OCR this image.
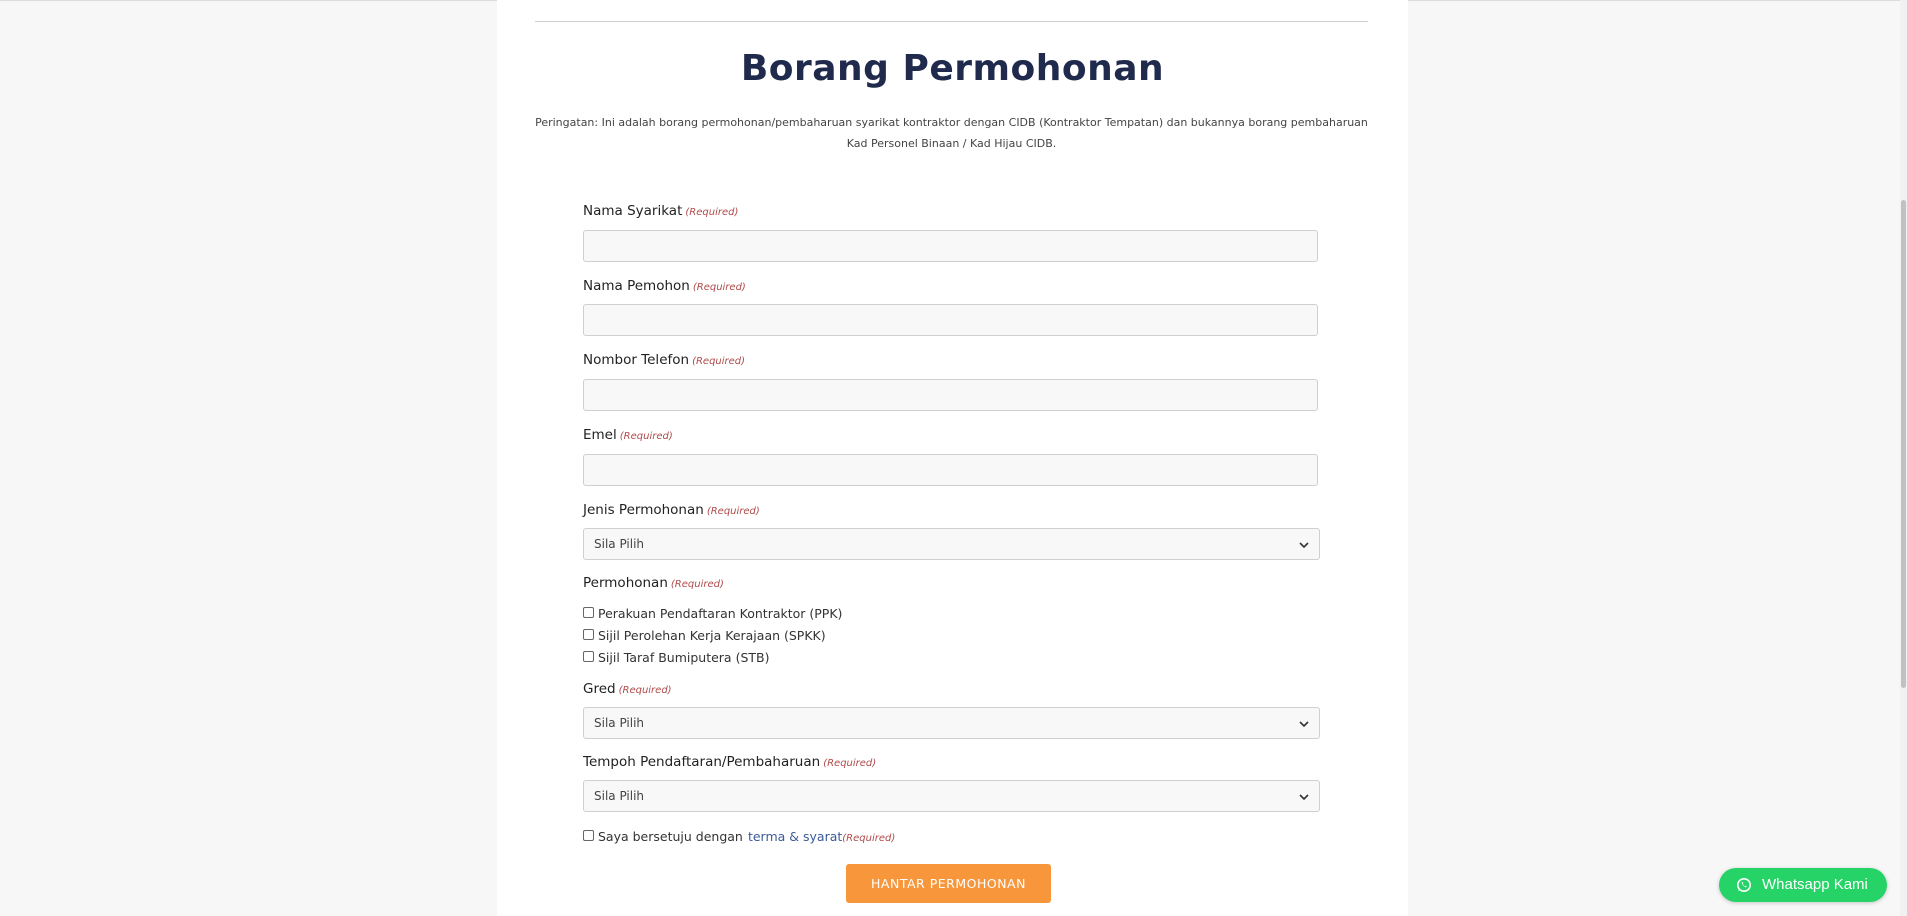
Borang Permohonan
Peringatan: Ini adalah borang permohonan/pembaharuan syarikat kontraktor dengan CIDB (Kontraktor Tempatan) dan bukannya borang pembaharuan Kad Personel Binaan / Kad Hijau CIDB.
Nama Syarikat (Required)
Nama Pemohon (Required)
Nombor Telefon (Required)
Emel (Required)
Jenis Permohonan (Required)
Sila Pilih
Permohonan (Required)
Perakuan Pendaftaran Kontraktor (PPK)
Sijil Perolehan Kerja Kerajaan (SPKK)
Sijil Taraf Bumiputera (STB)
Gred (Required)
Sila Pilih
Tempoh Pendaftaran/Pembaharuan (Required)
Sila Pilih
Saya bersetuju dengan terma & syarat(Required)
HANTAR PERMOHONAN	Whatsapp Kami
